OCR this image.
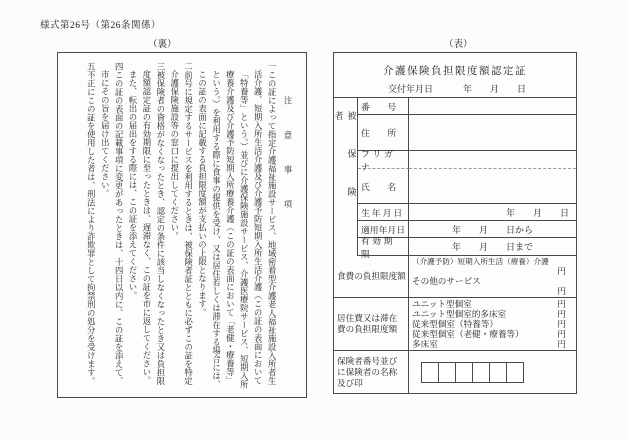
様式第26号（第26条関係）
（裏）	（表）
注　意　事　項
一この証によって指定介護福祉施設サービス、地域密着型介護老人福祉施設入所者生活介護、短期入所生活介護及び介護予防短期入所生活介護（この証の表面において「特養等」という。）並びに介護保険施設サービス、介護医療院サービス、短期入所療養介護及び介護予防短期入所療養介護（この証の表面において「老健・療養等」という。）を利用する際に食事の提供を受け、又は居住若しくは滞在する場合には、この証の表面に記載する負担限度額が支払いの上限となります。
二前号に規定するサービスを利用するときは、被保険者証とともに必ずこの証を特定介護保険施設等の窓口に提出してください。
三被保険者の資格がなくなったとき、認定の条件に該当しなくなったとき又は負担限度額認定証の有効期限に至ったときは、遅滞なく、この証を市に返してください。また、転出の届出をする際には、この証を添えてください。
四この証の表面の記載事項に変更があったときは、十四日以内に、この証を添えて、市にその旨を届け出てください。
五不正にこの証を使用した者は、刑法により詐欺罪として拘禁刑の処分を受けます。	介護保険負担限度額認定証
交付年月日	年　　月　　日
被保険者
番　　号
住　　所
フリガナ
氏　　名
生年月日	年　　月　　日
適用年月日	年　　月　　日から
有効期限
年　　月　　日まで
食費の負担限度額
（介護予防）短期入所生活（療養）介護
円
その他のサービス
円
居住費又は滞在
費の負担限度額
ユニット型個室	円
ユニット型個室的多床室	円
従来型個室（特養等）	円
従来型個室（老健・療養等）	円
多床室	円
保険者番号並び
に保険者の名称
及び印
